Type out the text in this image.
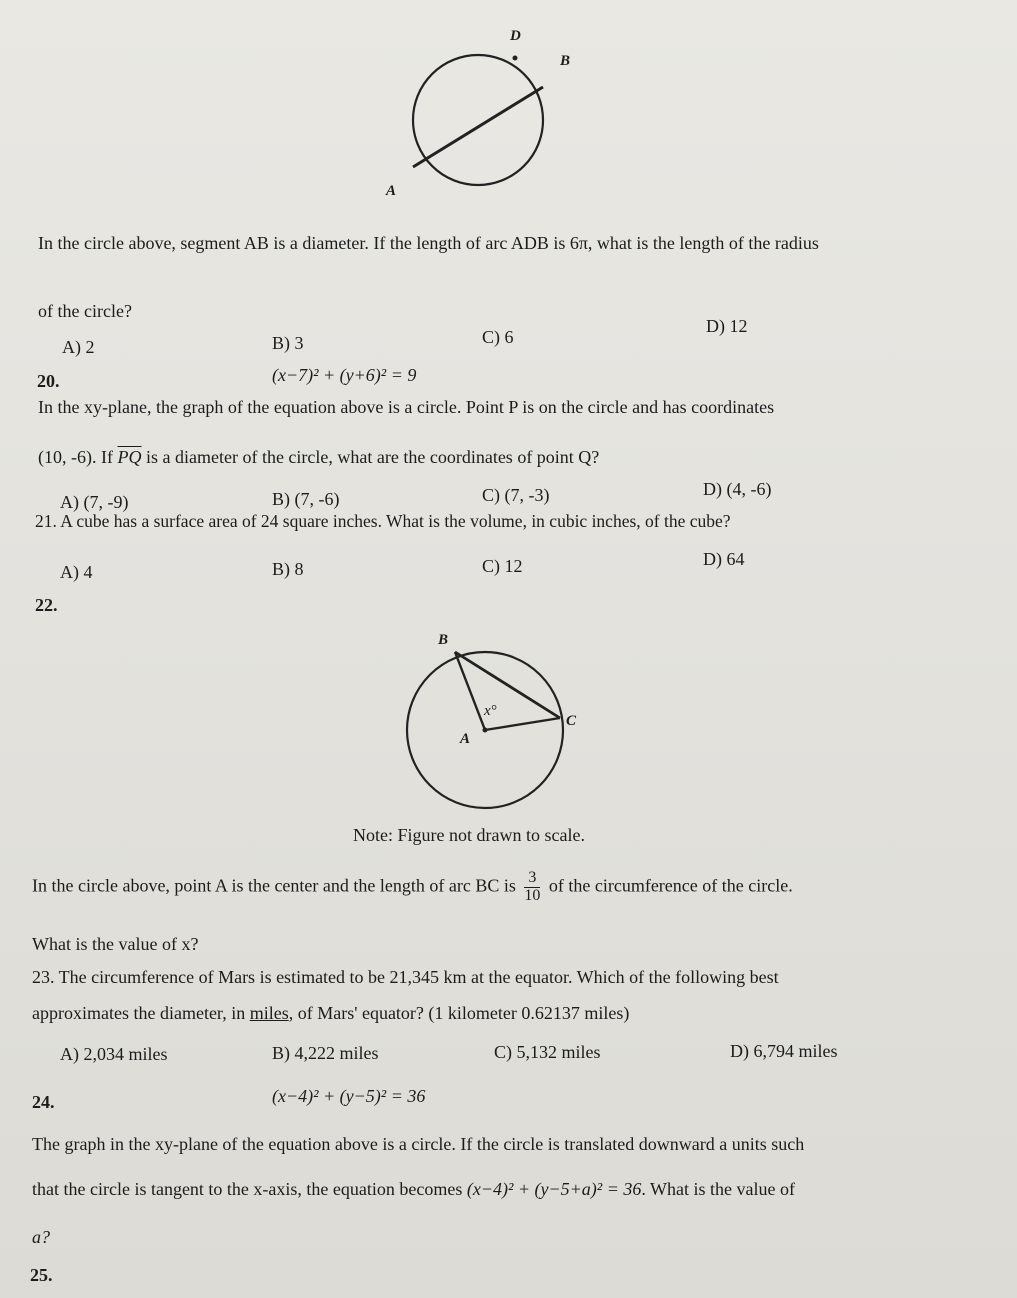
D
B
A
In the circle above, segment AB is a diameter. If the length of arc ADB is 6π, what is the length of the radius
of the circle?
A) 2	B) 3	C) 6
D) 12
20.	(x−7)² + (y+6)² = 9
In the xy-plane, the graph of the equation above is a circle. Point P is on the circle and has coordinates
(10, -6). If $\overline{PQ}$ is a diameter of the circle, what are the coordinates of point Q?
A) (7, -9)	B) (7, -6)	C) (7, -3)	D) (4, -6)
21. A cube has a surface area of 24 square inches. What is the volume, in cubic inches, of the cube?
A) 4	B) 8	C) 12	D) 64
22.
B
C
A
x°
Note: Figure not drawn to scale.
In the circle above, point A is the center and the length of arc BC is $\frac{3}{10}$ of the circumference of the circle.
What is the value of x?
23. The circumference of Mars is estimated to be 21,345 km at the equator. Which of the following best
approximates the diameter, in miles, of Mars' equator? (1 kilometer 0.62137 miles)
A) 2,034 miles	B) 4,222 miles	C) 5,132 miles	D) 6,794 miles
24.	(x−4)² + (y−5)² = 36
The graph in the xy-plane of the equation above is a circle. If the circle is translated downward a units such
that the circle is tangent to the x-axis, the equation becomes (x−4)² + (y−5+a)² = 36. What is the value of
a?
25.
